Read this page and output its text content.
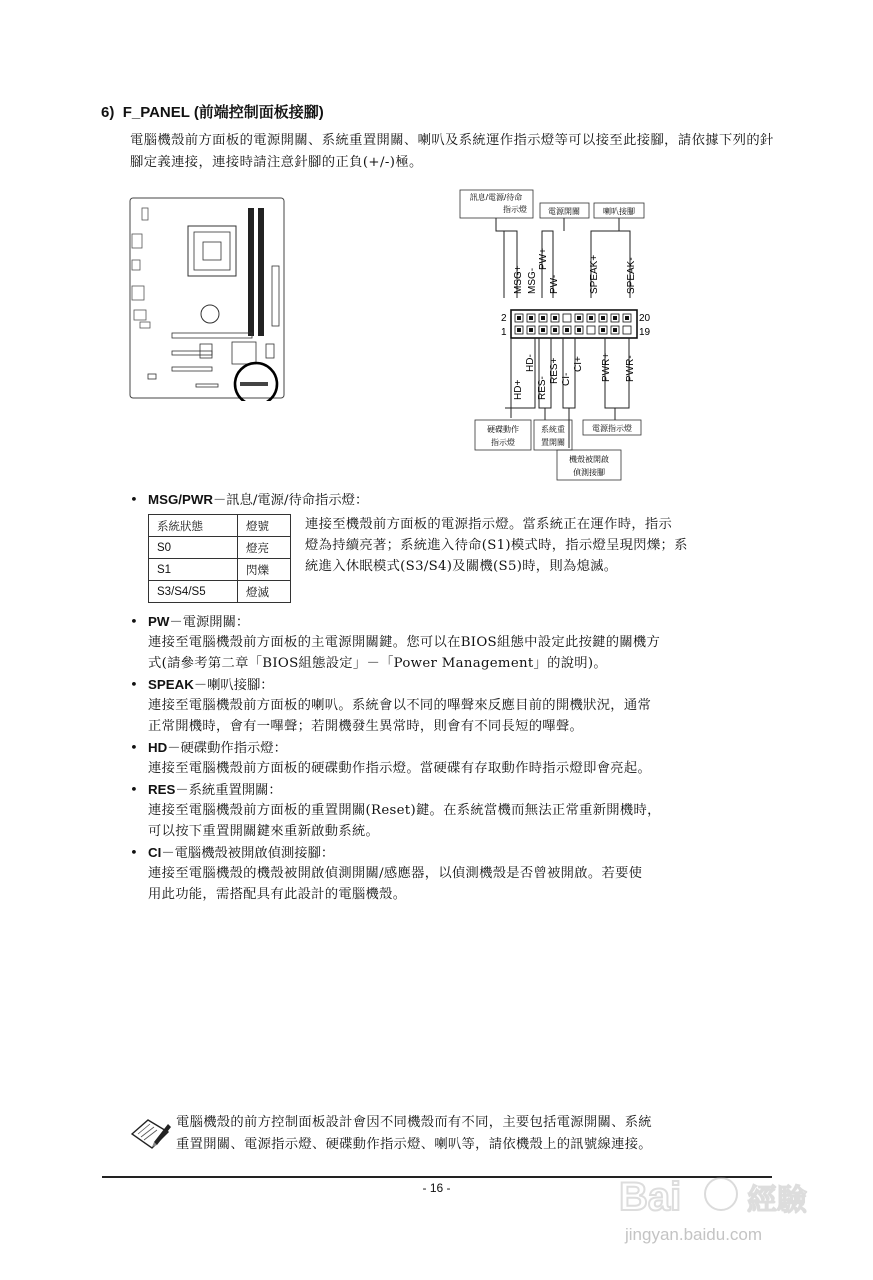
6) F_PANEL (前端控制面板接腳)
電腦機殼前方面板的電源開關、系統重置開關、喇叭及系統運作指示燈等可以接至此接腳，請依據下列的針腳定義連接，連接時請注意針腳的正負(+/-)極。
訊息/電源/待命
指示燈	電源開關	喇叭接腳
MSG+ MSG-
PW+
PW-	SPEAK+	SPEAK-
2
1
20
19
HD+
HD-
RES-
RES+ CI-
CI+ PWR+ PWR-
硬碟動作
指示燈
系統重
置開關
電源指示燈
機殼被開啟
偵測接腳
• MSG/PWR－訊息/電源/待命指示燈：
系統狀態	燈號
S0	燈亮
S1	閃爍
S3/S4/S5	燈滅
連接至機殼前方面板的電源指示燈。當系統正在運作時，指示
燈為持續亮著；系統進入待命(S1)模式時，指示燈呈現閃爍；系
統進入休眠模式(S3/S4)及關機(S5)時，則為熄滅。
• PW－電源開關：
連接至電腦機殼前方面板的主電源開關鍵。您可以在BIOS組態中設定此按鍵的關機方
式(請參考第二章「BIOS組態設定」－「Power Management」的說明)。
• SPEAK－喇叭接腳：
連接至電腦機殼前方面板的喇叭。系統會以不同的嗶聲來反應目前的開機狀況，通常
正常開機時，會有一嗶聲；若開機發生異常時，則會有不同長短的嗶聲。
• HD－硬碟動作指示燈：
連接至電腦機殼前方面板的硬碟動作指示燈。當硬碟有存取動作時指示燈即會亮起。
• RES－系統重置開關：
連接至電腦機殼前方面板的重置開關(Reset)鍵。在系統當機而無法正常重新開機時，
可以按下重置開關鍵來重新啟動系統。
• CI－電腦機殼被開啟偵測接腳：
連接至電腦機殼的機殼被開啟偵測開關/感應器，以偵測機殼是否曾被開啟。若要使
用此功能，需搭配具有此設計的電腦機殼。
電腦機殼的前方控制面板設計會因不同機殼而有不同，主要包括電源開關、系統
重置開關、電源指示燈、硬碟動作指示燈、喇叭等，請依機殼上的訊號線連接。
- 16 -	Bai 經驗
jingyan.baidu.com
